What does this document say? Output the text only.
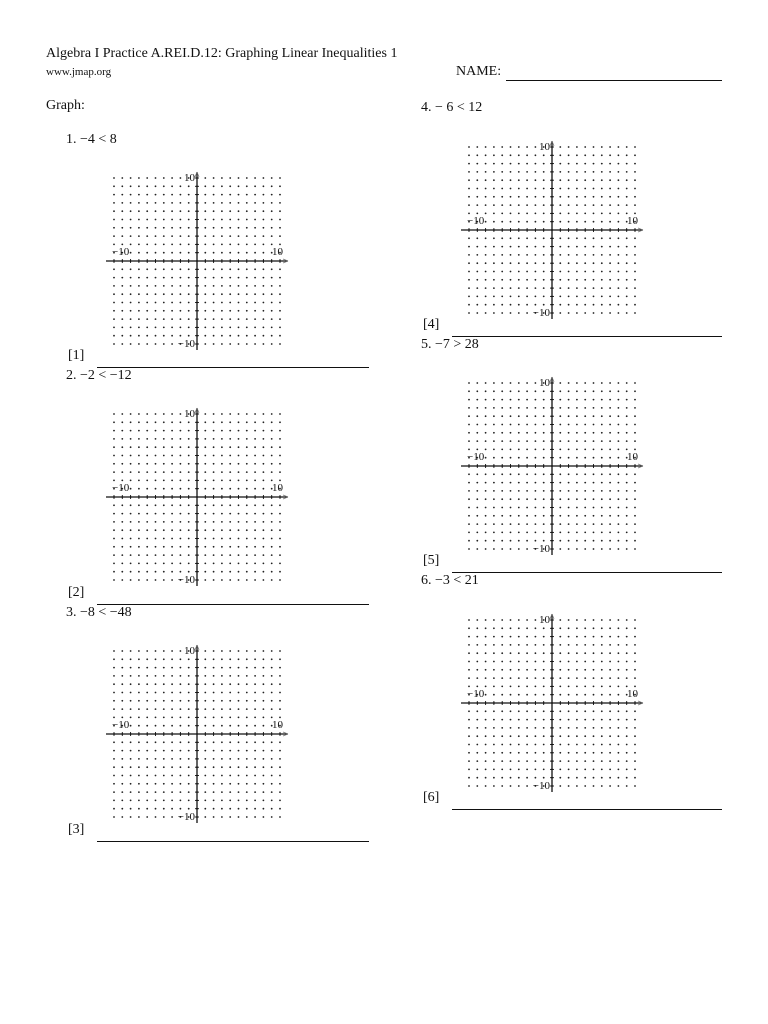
Algebra I Practice A.REI.D.12: Graphing Linear Inequalities 1
www.jmap.org	NAME:
Graph:
1. −4 < 8
10
−10
−10	10
[1]
2. −2 < −12
10
−10
−10	10
[2]
3. −8 < −48
10
−10
−10	10
[3]
4. − 6 < 12
10
−10
−10	10
[4]
5. −7 > 28
10
−10
−10	10
[5]
6. −3 < 21
10
−10
−10	10
[6]
